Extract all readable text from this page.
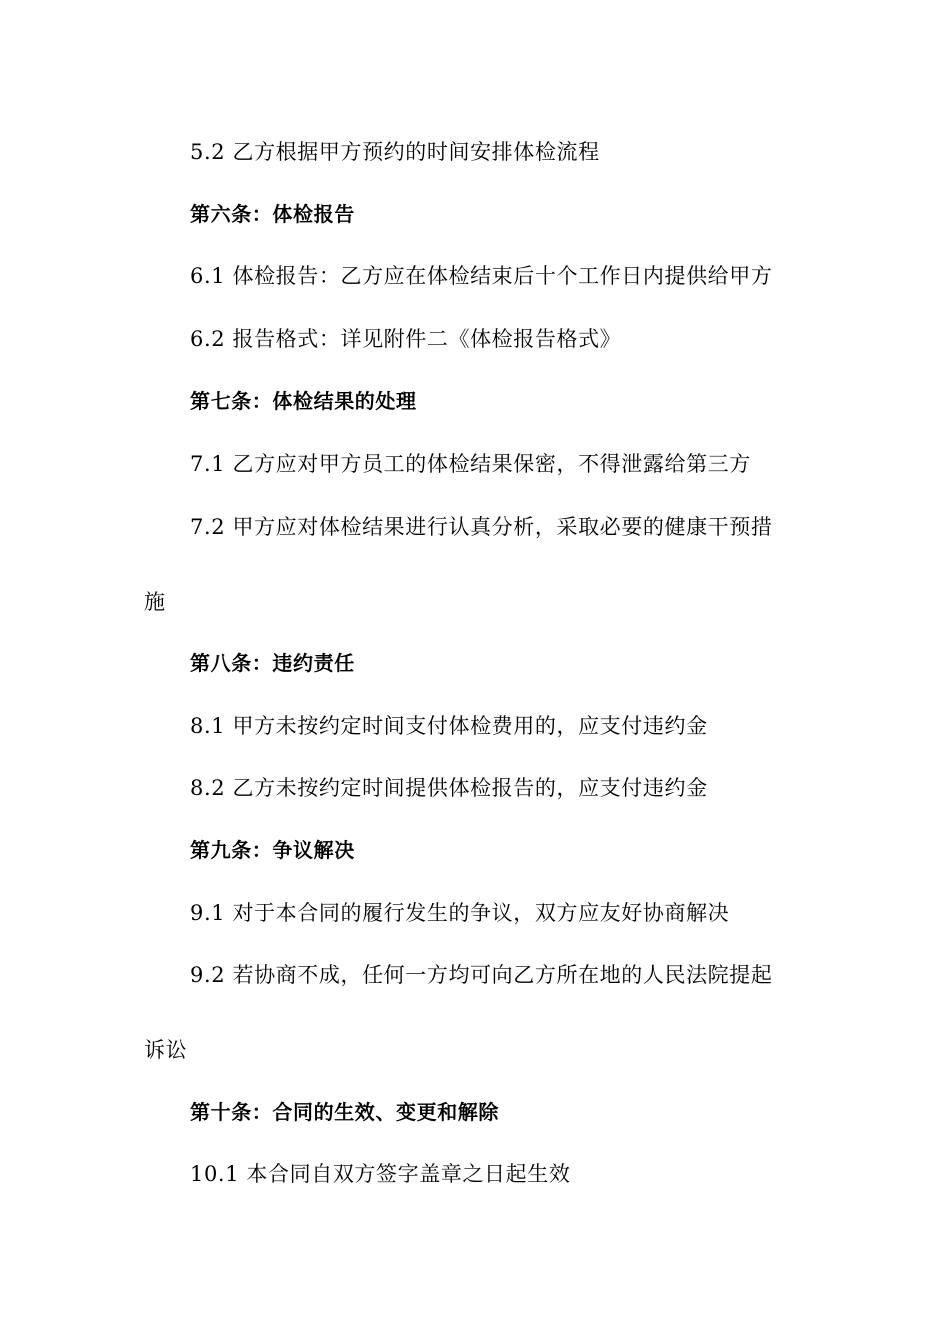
5.2 乙方根据甲方预约的时间安排体检流程

第六条：体检报告

6.1 体检报告：乙方应在体检结束后十个工作日内提供给甲方

6.2 报告格式：详见附件二《体检报告格式》

第七条：体检结果的处理

7.1 乙方应对甲方员工的体检结果保密，不得泄露给第三方

7.2 甲方应对体检结果进行认真分析，采取必要的健康干预措

施

第八条：违约责任

8.1 甲方未按约定时间支付体检费用的，应支付违约金

8.2 乙方未按约定时间提供体检报告的，应支付违约金

第九条：争议解决

9.1 对于本合同的履行发生的争议，双方应友好协商解决

9.2 若协商不成，任何一方均可向乙方所在地的人民法院提起

诉讼

第十条：合同的生效、变更和解除

10.1 本合同自双方签字盖章之日起生效
